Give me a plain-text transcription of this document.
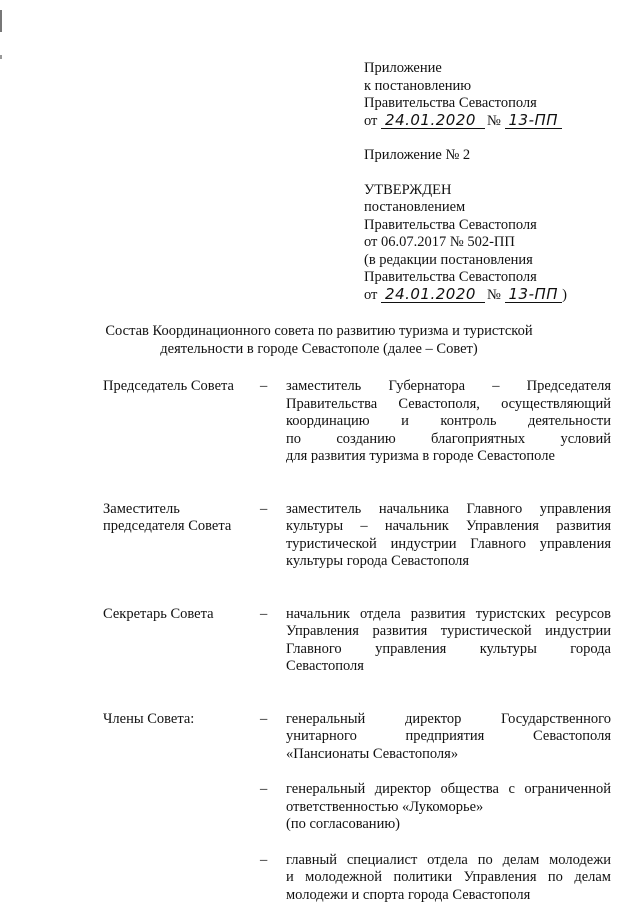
Приложение
к постановлению
Правительства Севастополя
от 24.01.2020 № 13-ПП
Приложение № 2
УТВЕРЖДЕН
постановлением
Правительства Севастополя
от 06.07.2017 № 502-ПП
(в редакции постановления
Правительства Севастополя
от 24.01.2020 № 13-ПП )
Состав Координационного совета по развитию туризма и туристской
деятельности в городе Севастополе (далее – Совет)
Председатель Совета	–	заместитель Губернатора – Председателя
Правительства Севастополя, осуществляющий
координацию и контроль деятельности
по созданию благоприятных условий
для развития туризма в городе Севастополе
Заместитель
председателя Совета
–	заместитель начальника Главного управления
культуры – начальник Управления развития
туристической индустрии Главного управления
культуры города Севастополя
Секретарь Совета	–	начальник отдела развития туристских ресурсов
Управления развития туристической индустрии
Главного управления культуры города
Севастополя
Члены Совета:	–	генеральный директор Государственного
унитарного предприятия Севастополя
«Пансионаты Севастополя»
–	генеральный директор общества с ограниченной
ответственностью «Лукоморье»
(по согласованию)
–	главный специалист отдела по делам молодежи
и молодежной политики Управления по делам
молодежи и спорта города Севастополя
